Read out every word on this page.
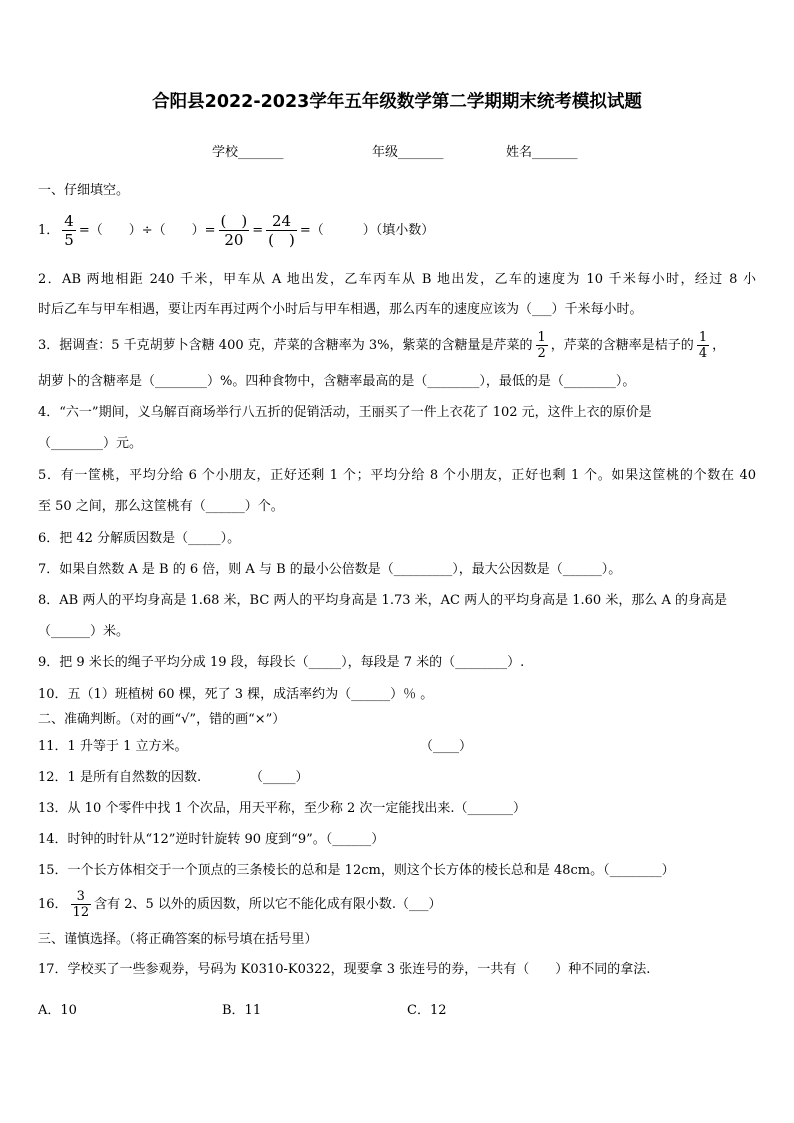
合阳县2022-2023学年五年级数学第二学期期末统考模拟试题
学校_______	年级_______	姓名_______
一、仔细填空。
1． $\frac{4}{5}$ =（　　）÷（　　）= $\frac{( )}{20} = \frac{24}{( )}$ =（　　　）（填小数）
2．AB 两地相距 240 千米，甲车从 A 地出发，乙车丙车从 B 地出发，乙车的速度为 10 千米每小时，经过 8 小
时后乙车与甲车相遇，要让丙车再过两个小时后与甲车相遇，那么丙车的速度应该为（___）千米每小时。
3．据调查：5 千克胡萝卜含糖 400 克，芹菜的含糖率为 3%，紫菜的含糖量是芹菜的 $\frac{1}{2}$ ，芹菜的含糖率是桔子的 $\frac{1}{4}$ ，
胡萝卜的含糖率是（________）%。四种食物中，含糖率最高的是（________），最低的是（________）。
4．“六一”期间，义乌解百商场举行八五折的促销活动，王丽买了一件上衣花了 102 元，这件上衣的原价是
（________）元。
5．有一筐桃，平均分给 6 个小朋友，正好还剩 1 个；平均分给 8 个小朋友，正好也剩 1 个。如果这筐桃的个数在 40
至 50 之间，那么这筐桃有（______）个。
6．把 42 分解质因数是（_____）。
7．如果自然数 A 是 B 的 6 倍，则 A 与 B 的最小公倍数是（_________），最大公因数是（______）。
8．AB 两人的平均身高是 1.68 米，BC 两人的平均身高是 1.73 米，AC 两人的平均身高是 1.60 米，那么 A 的身高是
（______）米。
9．把 9 米长的绳子平均分成 19 段，每段长（_____），每段是 7 米的（________）.
10．五（1）班植树 60 棵，死了 3 棵，成活率约为（______）％ 。
二、准确判断。（对的画“√”，错的画“×”）
11．1 升等于 1 立方米。	（____）
12．1 是所有自然数的因数.	（_____）
13．从 10 个零件中找 1 个次品，用天平称，至少称 2 次一定能找出来.（_______）
14．时钟的时针从“12”逆时针旋转 90 度到“9”。（______）
15．一个长方体相交于一个顶点的三条棱长的总和是 12cm，则这个长方体的棱长总和是 48cm。（________）
16． $\frac{3}{12}$ 含有 2、5 以外的质因数，所以它不能化成有限小数.（___）
三、谨慎选择。（将正确答案的标号填在括号里）
17．学校买了一些参观券，号码为 K0310-K0322，现要拿 3 张连号的券，一共有（　　）种不同的拿法.
A．10	B．11	C．12
